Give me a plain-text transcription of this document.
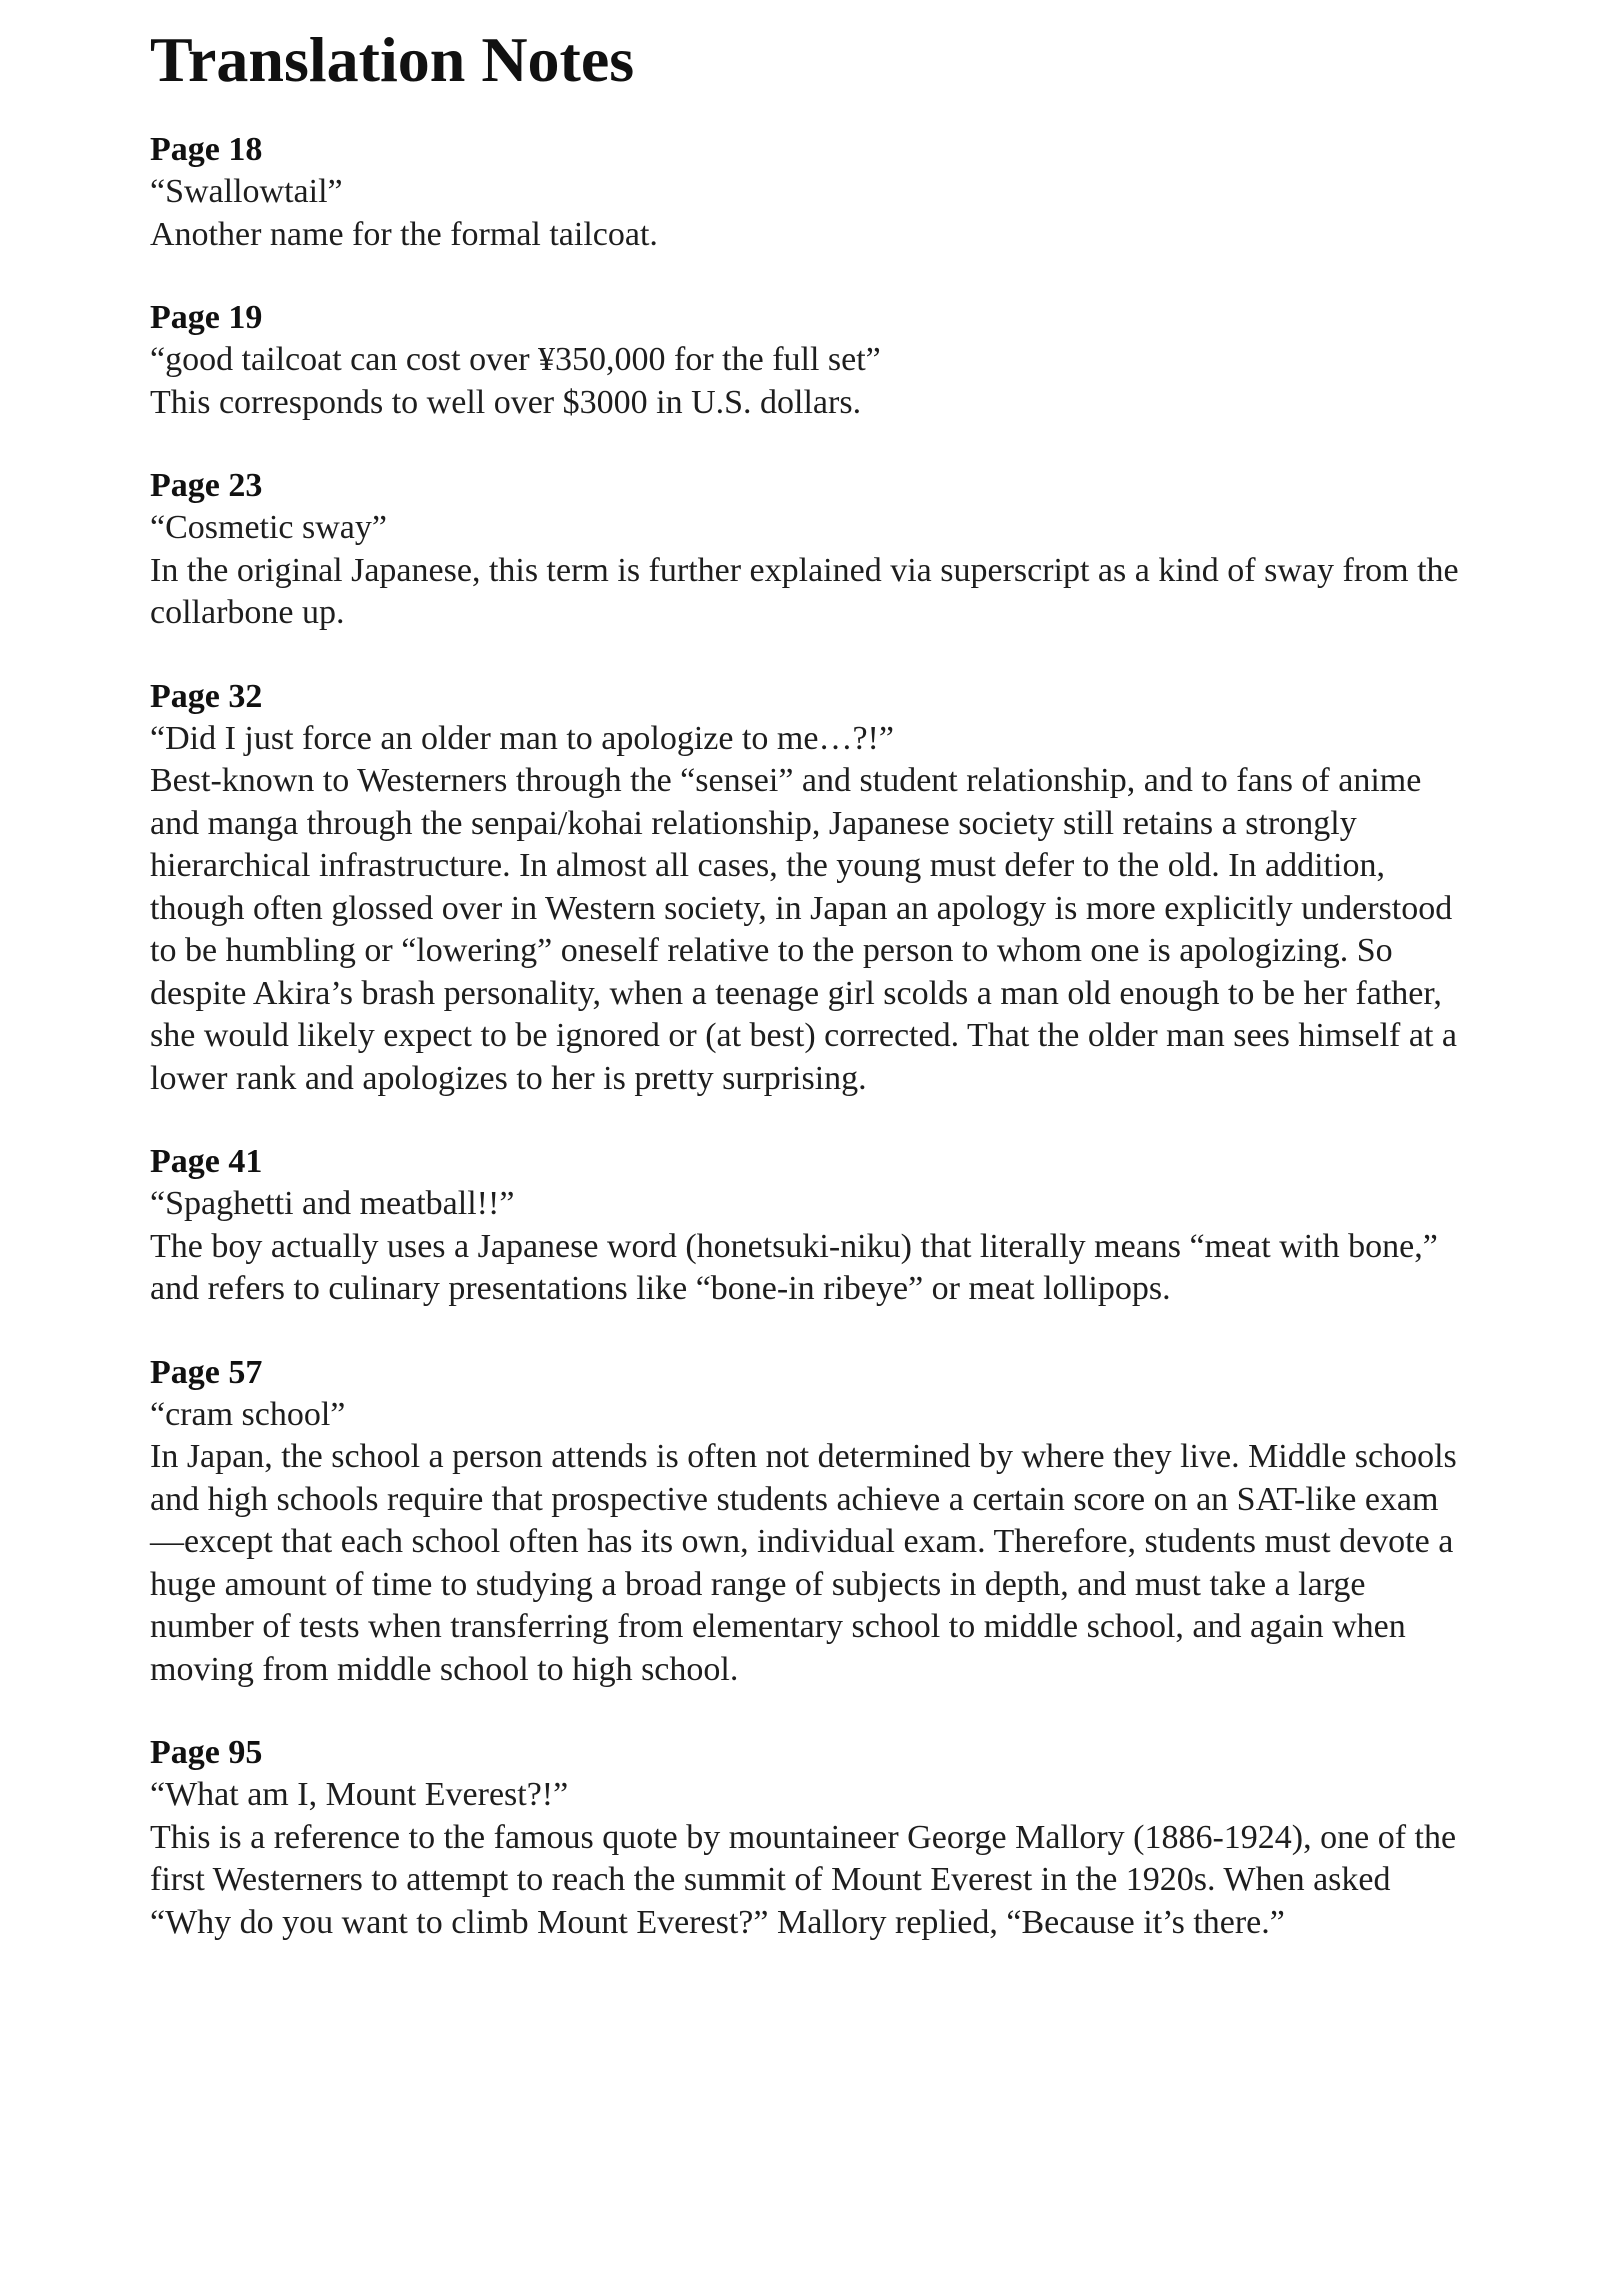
Translation Notes

Page 18

“Swallowtail”

Another name for the formal tailcoat.

Page 19

“good tailcoat can cost over ¥350,000 for the full set”

This corresponds to well over $3000 in U.S. dollars.

Page 23

“Cosmetic sway”

In the original Japanese, this term is further explained via superscript as a kind of sway from the collarbone up.

Page 32

“Did I just force an older man to apologize to me…?!”

Best-known to Westerners through the “sensei” and student relationship, and to fans of anime and manga through the senpai/kohai relationship, Japanese society still retains a strongly hierarchical infrastructure. In almost all cases, the young must defer to the old. In addition, though often glossed over in Western society, in Japan an apology is more explicitly understood to be humbling or “lowering” oneself relative to the person to whom one is apologizing. So despite Akira’s brash personality, when a teenage girl scolds a man old enough to be her father, she would likely expect to be ignored or (at best) corrected. That the older man sees himself at a lower rank and apologizes to her is pretty surprising.

Page 41

“Spaghetti and meatball!!”

The boy actually uses a Japanese word (honetsuki-niku) that literally means “meat with bone,” and refers to culinary presentations like “bone-in ribeye” or meat lollipops.

Page 57

“cram school”

In Japan, the school a person attends is often not determined by where they live. Middle schools and high schools require that prospective students achieve a certain score on an SAT-like exam—except that each school often has its own, individual exam. Therefore, students must devote a huge amount of time to studying a broad range of subjects in depth, and must take a large number of tests when transferring from elementary school to middle school, and again when moving from middle school to high school.

Page 95

“What am I, Mount Everest?!”

This is a reference to the famous quote by mountaineer George Mallory (1886-1924), one of the first Westerners to attempt to reach the summit of Mount Everest in the 1920s. When asked “Why do you want to climb Mount Everest?” Mallory replied, “Because it’s there.”
